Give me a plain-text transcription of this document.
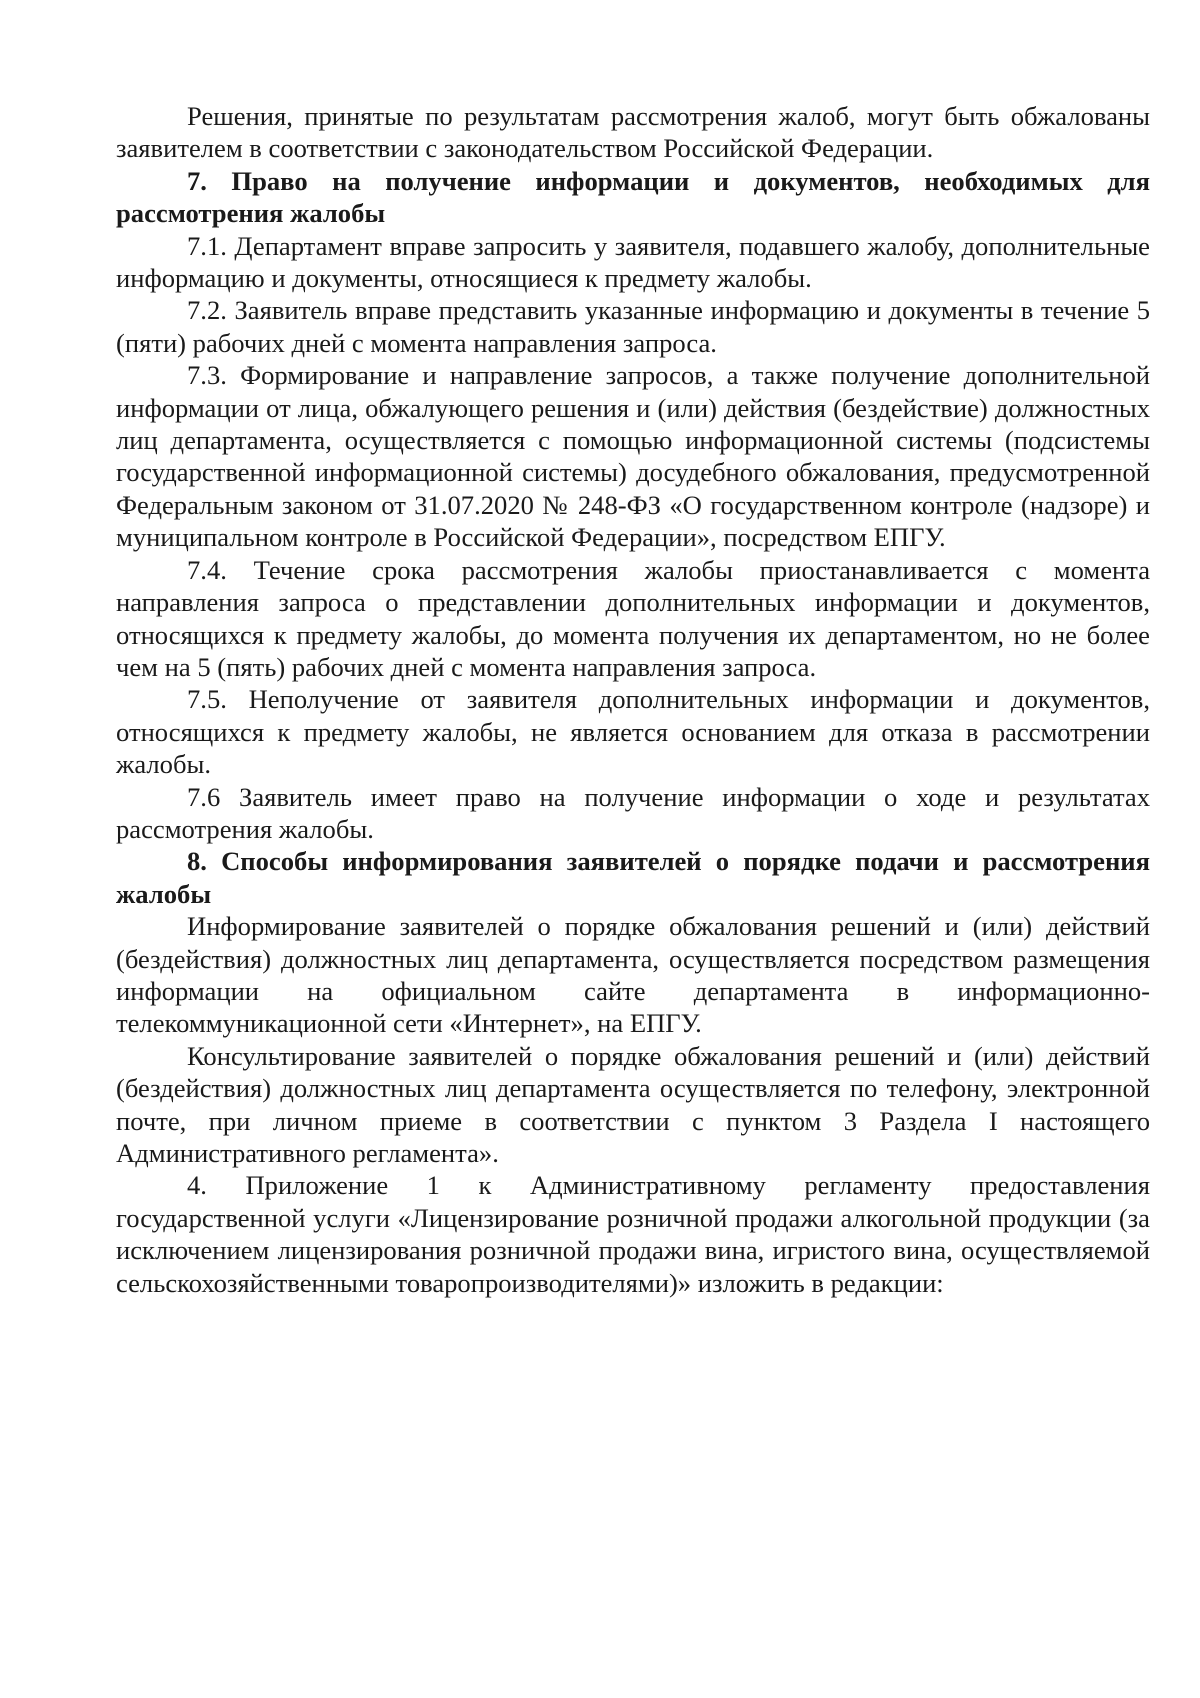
Решения, принятые по результатам рассмотрения жалоб, могут быть обжалованы заявителем в соответствии с законодательством Российской Федерации.

7. Право на получение информации и документов, необходимых для рассмотрения жалобы

7.1. Департамент вправе запросить у заявителя, подавшего жалобу, дополнительные информацию и документы, относящиеся к предмету жалобы.

7.2. Заявитель вправе представить указанные информацию и документы в течение 5 (пяти) рабочих дней с момента направления запроса.

7.3. Формирование и направление запросов, а также получение дополнительной информации от лица, обжалующего решения и (или) действия (бездействие) должностных лиц департамента, осуществляется с помощью информационной системы (подсистемы государственной информационной системы) досудебного обжалования, предусмотренной Федеральным законом от 31.07.2020 № 248-ФЗ «О государственном контроле (надзоре) и муниципальном контроле в Российской Федерации», посредством ЕПГУ.

7.4. Течение срока рассмотрения жалобы приостанавливается с момента направления запроса о представлении дополнительных информации и документов, относящихся к предмету жалобы, до момента получения их департаментом, но не более чем на 5 (пять) рабочих дней с момента направления запроса.

7.5. Неполучение от заявителя дополнительных информации и документов, относящихся к предмету жалобы, не является основанием для отказа в рассмотрении жалобы.

7.6 Заявитель имеет право на получение информации о ходе и результатах рассмотрения жалобы.

8. Способы информирования заявителей о порядке подачи и рассмотрения жалобы

Информирование заявителей о порядке обжалования решений и (или) действий (бездействия) должностных лиц департамента, осуществляется посредством размещения информации на официальном сайте департамента в информационно-телекоммуникационной сети «Интернет», на ЕПГУ.

Консультирование заявителей о порядке обжалования решений и (или) действий (бездействия) должностных лиц департамента осуществляется по телефону, электронной почте, при личном приеме в соответствии с пунктом 3 Раздела I настоящего Административного регламента».

4. Приложение 1 к Административному регламенту предоставления государственной услуги «Лицензирование розничной продажи алкогольной продукции (за исключением лицензирования розничной продажи вина, игристого вина, осуществляемой сельскохозяйственными товаропроизводителями)» изложить в редакции:
